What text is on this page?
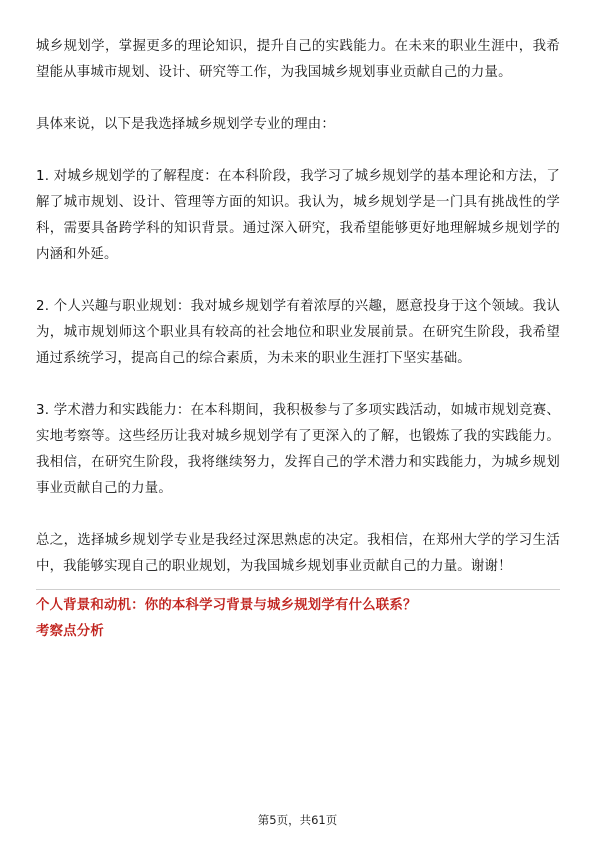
城乡规划学，掌握更多的理论知识，提升自己的实践能力。在未来的职业生涯中，我希望能从事城市规划、设计、研究等工作，为我国城乡规划事业贡献自己的力量。

具体来说，以下是我选择城乡规划学专业的理由：

1. 对城乡规划学的了解程度：在本科阶段，我学习了城乡规划学的基本理论和方法，了解了城市规划、设计、管理等方面的知识。我认为，城乡规划学是一门具有挑战性的学科，需要具备跨学科的知识背景。通过深入研究，我希望能够更好地理解城乡规划学的内涵和外延。

2. 个人兴趣与职业规划：我对城乡规划学有着浓厚的兴趣，愿意投身于这个领域。我认为，城市规划师这个职业具有较高的社会地位和职业发展前景。在研究生阶段，我希望通过系统学习，提高自己的综合素质，为未来的职业生涯打下坚实基础。

3. 学术潜力和实践能力：在本科期间，我积极参与了多项实践活动，如城市规划竞赛、实地考察等。这些经历让我对城乡规划学有了更深入的了解，也锻炼了我的实践能力。我相信，在研究生阶段，我将继续努力，发挥自己的学术潜力和实践能力，为城乡规划事业贡献自己的力量。

总之，选择城乡规划学专业是我经过深思熟虑的决定。我相信，在郑州大学的学习生活中，我能够实现自己的职业规划，为我国城乡规划事业贡献自己的力量。谢谢！

个人背景和动机：你的本科学习背景与城乡规划学有什么联系？

考察点分析

第5页，共61页
